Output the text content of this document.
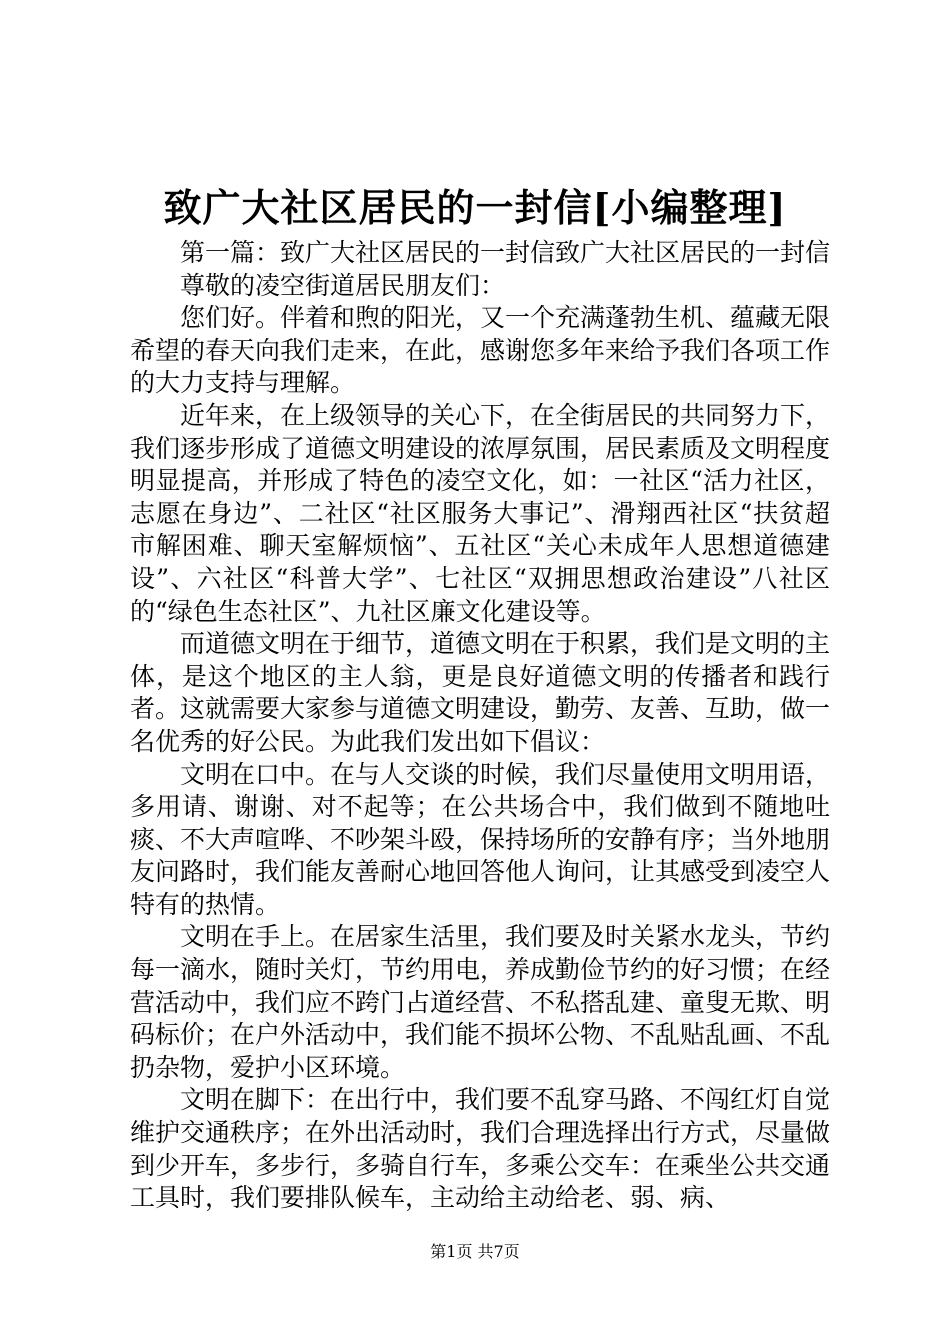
致广大社区居民的一封信[小编整理]

第一篇：致广大社区居民的一封信致广大社区居民的一封信

尊敬的凌空街道居民朋友们：

您们好。伴着和煦的阳光，又一个充满蓬勃生机、蕴藏无限希望的春天向我们走来，在此，感谢您多年来给予我们各项工作的大力支持与理解。

近年来，在上级领导的关心下，在全街居民的共同努力下，我们逐步形成了道德文明建设的浓厚氛围，居民素质及文明程度明显提高，并形成了特色的凌空文化，如：一社区“活力社区，志愿在身边”、二社区“社区服务大事记”、滑翔西社区“扶贫超市解困难、聊天室解烦恼”、五社区“关心未成年人思想道德建设”、六社区“科普大学”、七社区“双拥思想政治建设”八社区的“绿色生态社区”、九社区廉文化建设等。

而道德文明在于细节，道德文明在于积累，我们是文明的主体，是这个地区的主人翁，更是良好道德文明的传播者和践行者。这就需要大家参与道德文明建设，勤劳、友善、互助，做一名优秀的好公民。为此我们发出如下倡议：

文明在口中。在与人交谈的时候，我们尽量使用文明用语，多用请、谢谢、对不起等；在公共场合中，我们做到不随地吐痰、不大声喧哗、不吵架斗殴，保持场所的安静有序；当外地朋友问路时，我们能友善耐心地回答他人询问，让其感受到凌空人特有的热情。

文明在手上。在居家生活里，我们要及时关紧水龙头，节约每一滴水，随时关灯，节约用电，养成勤俭节约的好习惯；在经营活动中，我们应不跨门占道经营、不私搭乱建、童叟无欺、明码标价；在户外活动中，我们能不损坏公物、不乱贴乱画、不乱扔杂物，爱护小区环境。

文明在脚下：在出行中，我们要不乱穿马路、不闯红灯自觉维护交通秩序；在外出活动时，我们合理选择出行方式，尽量做到少开车，多步行，多骑自行车，多乘公交车：在乘坐公共交通工具时，我们要排队候车，主动给主动给老、弱、病、

第1页 共7页
